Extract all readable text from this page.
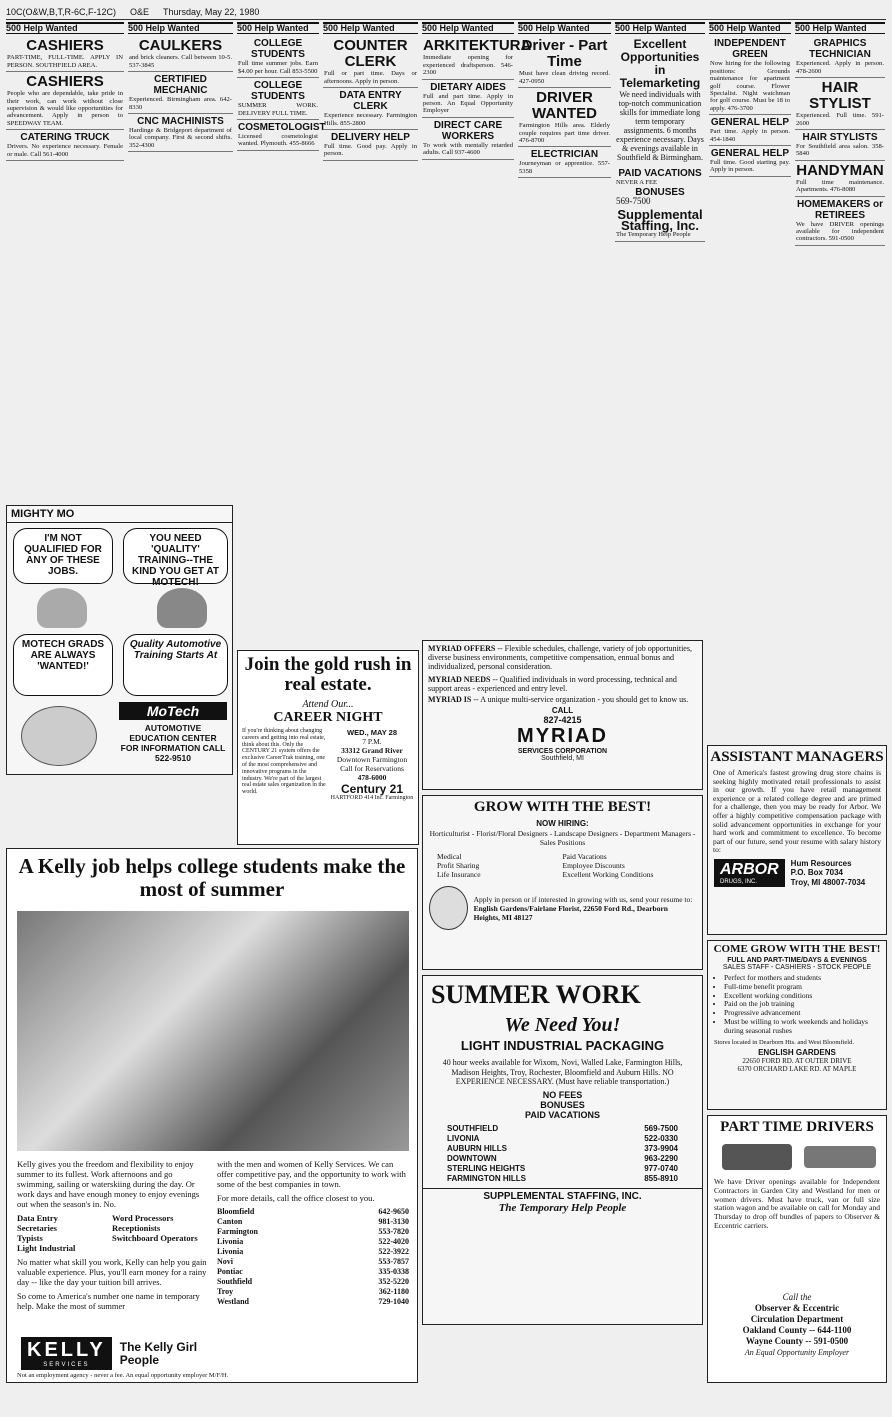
10C(O&W,B,T,R-6C,F-12C) O&E Thursday, May 22, 1980
500 Help Wanted
CASHIERS

PART-TIME, FULL-TIME. APPLY IN PERSON. SOUTHFIELD AREA.

CASHIERS

People who are dependable, take pride in their work, can work without close supervision & would like opportunities for advancement. Apply in person to SPEEDWAY TEAM.

CATERING TRUCK

Drivers. No experience necessary. Female or male. Call 561-4000

500 Help Wanted
CAULKERS

and brick cleaners. Call between 10-5. 537-3845

CERTIFIED MECHANIC

Experienced. Birmingham area. 642-8330

CNC MACHINISTS

Hardinge & Bridgeport department of local company. First & second shifts. 352-4300

500 Help Wanted
COLLEGE STUDENTS

Full time summer jobs. Earn $4.00 per hour. Call 853-5500

COLLEGE STUDENTS

SUMMER WORK. DELIVERY FULL TIME.

COSMETOLOGIST

Licensed cosmetologist wanted. Plymouth. 455-8666

500 Help Wanted
COUNTER CLERK

Full or part time. Days or afternoons. Apply in person.

DATA ENTRY CLERK

Experience necessary. Farmington Hills. 855-2800

DELIVERY HELP

Full time. Good pay. Apply in person.

500 Help Wanted
ARKITEKTURA

Immediate opening for experienced draftsperson. 546-2300

DIETARY AIDES

Full and part time. Apply in person. An Equal Opportunity Employer

DIRECT CARE WORKERS

To work with mentally retarded adults. Call 937-4600

500 Help Wanted
Driver - Part Time

Must have clean driving record. 427-0950

DRIVER WANTED

Farmington Hills area. Elderly couple requires part time driver. 476-8700

ELECTRICIAN

Journeyman or apprentice. 557-5358

500 Help Wanted
Excellent Opportunities in Telemarketing

We need individuals with top-notch communication skills for immediate long term temporary assignments. 6 months experience necessary. Days & evenings available in Southfield & Birmingham.

PAID VACATIONS

NEVER A FEE

BONUSES

569-7500

Supplemental Staffing, Inc.

The Temporary Help People

500 Help Wanted
INDEPENDENT GREEN

Now hiring for the following positions: Grounds maintenance for apartment golf course. Flower Specialist. Night watchman for golf course. Must be 18 to apply. 476-3700

GENERAL HELP

Part time. Apply in person. 454-1840

GENERAL HELP

Full time. Good starting pay. Apply in person.

500 Help Wanted
GRAPHICS TECHNICIAN

Experienced. Apply in person. 478-2600

HAIR STYLIST

Experienced. Full time. 591-2600

HAIR STYLISTS

For Southfield area salon. 358-5840

HANDYMAN

Full time maintenance. Apartments. 476-8080

HOMEMAKERS or RETIREES

We have DRIVER openings available for independent contractors. 591-0500

MIGHTY MO
I'M NOT QUALIFIED FOR ANY OF THESE JOBS.
YOU NEED 'QUALITY' TRAINING--THE KIND YOU GET AT MOTECH!
MOTECH GRADS ARE ALWAYS 'WANTED!'
Quality Automotive Training Starts At
MoTech
AUTOMOTIVE EDUCATION CENTER
FOR INFORMATION CALL 522-9510
Join the gold rush in real estate.
Attend Our...
CAREER NIGHT

If you're thinking about changing careers and getting into real estate, think about this. Only the CENTURY 21 system offers the exclusive CareerTrak training, one of the most comprehensive and innovative programs in the industry. We're part of the largest real estate sales organization in the world.

WED., MAY 28
7 P.M.
33312 Grand River
Downtown Farmington
Call for Reservations
478-6000
Century 21
HARTFORD 414 Inc. Farmington

MYRIAD OFFERS -- Flexible schedules, challenge, variety of job opportunities, diverse business environments, competitive compensation, ennual bonus and individualized, personal consideration.

MYRIAD NEEDS -- Qualified individuals in word processing, technical and support areas - experienced and entry level.

MYRIAD IS -- A unique multi-service organization - you should get to know us.

CALL
827-4215
MYRIAD
SERVICES CORPORATION
Southfield, MI	ASSISTANT MANAGERS

One of America's fastest growing drug store chains is seeking highly motivated retail professionals to assist in our growth. If you have retail management experience or a related college degree and are primed for a challenge, then you may be ready for Arbor. We offer a highly competitive compensation package with solid advancement opportunities in exchange for your hard work and commitment to excellence. To become part of our future, send your resume with salary history to:

ARBOR
DRUGS, INC.
Hum Resources
P.O. Box 7034
Troy, MI 48007-7034
GROW WITH THE BEST!
NOW HIRING:

Horticulturist - Florist/Floral Designers - Landscape Designers - Department Managers - Sales Positions

Medical	Paid Vacations
Profit Sharing	Employee Discounts
Life Insurance	Excellent Working Conditions

Apply in person or if interested in growing with us, send your resume to:

English Gardens/Fairlane Florist, 22650 Ford Rd., Dearborn Heights, MI 48127

COME GROW WITH THE BEST!
FULL AND PART-TIME/DAYS & EVENINGS
SALES STAFF - CASHIERS - STOCK PEOPLE
• Perfect for mothers and students
• Full-time benefit program
• Excellent working conditions
• Paid on the job training
• Progressive advancement
• Must be willing to work weekends and holidays during seasonal rushes

Stores located in Dearborn Hts. and West Bloomfield.

ENGLISH GARDENS
22650 FORD RD. AT OUTER DRIVE
6370 ORCHARD LAKE RD. AT MAPLE
SUMMER WORK
We Need You!
LIGHT INDUSTRIAL PACKAGING

40 hour weeks available for Wixom, Novi, Walled Lake, Farmington Hills, Madison Heights, Troy, Rochester, Bloomfield and Auburn Hills. NO EXPERIENCE NECESSARY. (Must have reliable transportation.)

NO FEES
BONUSES
PAID VACATIONS
SOUTHFIELD	569-7500
LIVONIA	522-0330
AUBURN HILLS	373-9904
DOWNTOWN	963-2290
STERLING HEIGHTS	977-0740
FARMINGTON HILLS	855-8910
SUPPLEMENTAL STAFFING, INC.
The Temporary Help People
A Kelly job helps college students make the most of summer

Kelly gives you the freedom and flexibility to enjoy summer to its fullest. Work afternoons and go swimming, sailing or waterskiing during the day. Or work days and have enough money to enjoy evenings out when the season's in. No.

Data Entry	Word Processors
Secretaries	Receptionists
Typists	Switchboard Operators
Light Industrial

No matter what skill you work, Kelly can help you gain valuable experience. Plus, you'll earn money for a rainy day -- like the day your tuition bill arrives.

So come to America's number one name in temporary help. Make the most of summer

with the men and women of Kelly Services. We can offer competitive pay, and the opportunity to work with some of the best companies in town.

For more details, call the office closest to you.

Bloomfield	642-9650
Canton	981-3130
Farmington	553-7820
Livonia	522-4020
Livonia	522-3922
Novi	553-7857
Pontiac	335-0338
Southfield	352-5220
Troy	362-1180
Westland	729-1040
KELLY
SERVICES
The Kelly Girl People
Not an employment agency - never a fee. An equal opportunity employer M/F/H.
PART TIME DRIVERS

We have Driver openings available for Independent Contractors in Garden City and Westland for men or women drivers. Must have truck, van or full size station wagon and be available on call for Monday and Thursday to drop off bundles of papers to Observer & Eccentric carriers.

Call the
Observer & Eccentric
Circulation Department
Oakland County -- 644-1100
Wayne County -- 591-0500
An Equal Opportunity Employer
